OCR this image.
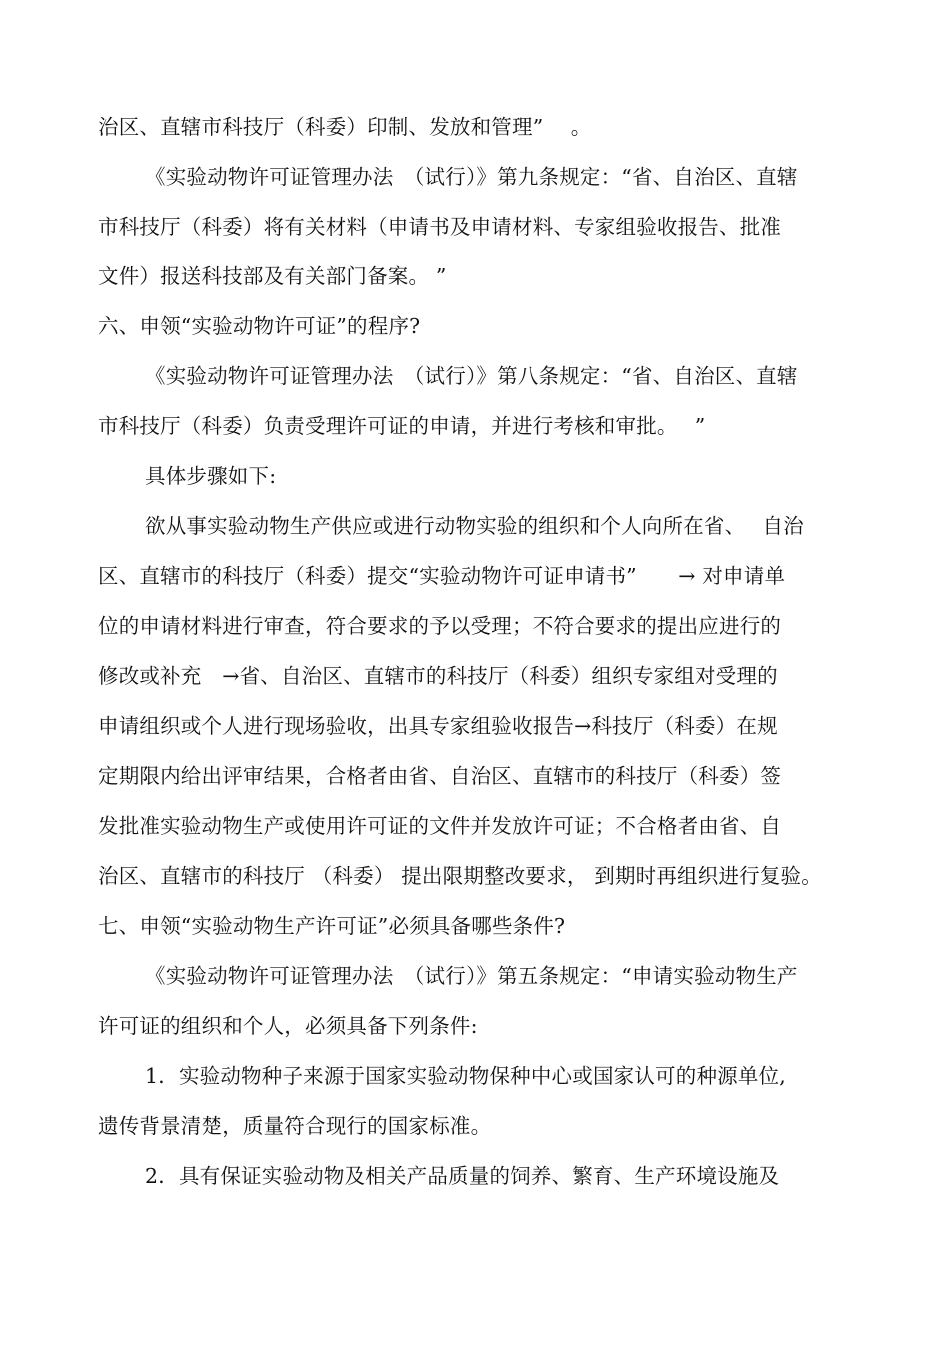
治区、直辖市科技厅（科委）印制、发放和管理”　 。
《实验动物许可证管理办法　（试行）》第九条规定：“省、自治区、直辖
市科技厅（科委）将有关材料（申请书及申请材料、专家组验收报告、批准
文件）报送科技部及有关部门备案。 ”
六、申领“实验动物许可证”的程序?
《实验动物许可证管理办法　（试行）》第八条规定：“省、自治区、直辖
市科技厅（科委）负责受理许可证的申请，并进行考核和审批。　 ”
具体步骤如下:
欲从事实验动物生产供应或进行动物实验的组织和个人向所在省、　 自治
区、直辖市的科技厅（科委）提交“实验动物许可证申请书”　　→ 对申请单
位的申请材料进行审查，符合要求的予以受理；不符合要求的提出应进行的
修改或补充　→省、自治区、直辖市的科技厅（科委）组织专家组对受理的
申请组织或个人进行现场验收，出具专家组验收报告→科技厅（科委）在规
定期限内给出评审结果，合格者由省、自治区、直辖市的科技厅（科委）签
发批准实验动物生产或使用许可证的文件并发放许可证；不合格者由省、自
治区、直辖市的科技厅 （科委） 提出限期整改要求， 到期时再组织进行复验。
七、申领“实验动物生产许可证”必须具备哪些条件?
《实验动物许可证管理办法　（试行）》第五条规定：“申请实验动物生产
许可证的组织和个人，必须具备下列条件:
1．实验动物种子来源于国家实验动物保种中心或国家认可的种源单位,
遗传背景清楚，质量符合现行的国家标准。
2．具有保证实验动物及相关产品质量的饲养、繁育、生产环境设施及
